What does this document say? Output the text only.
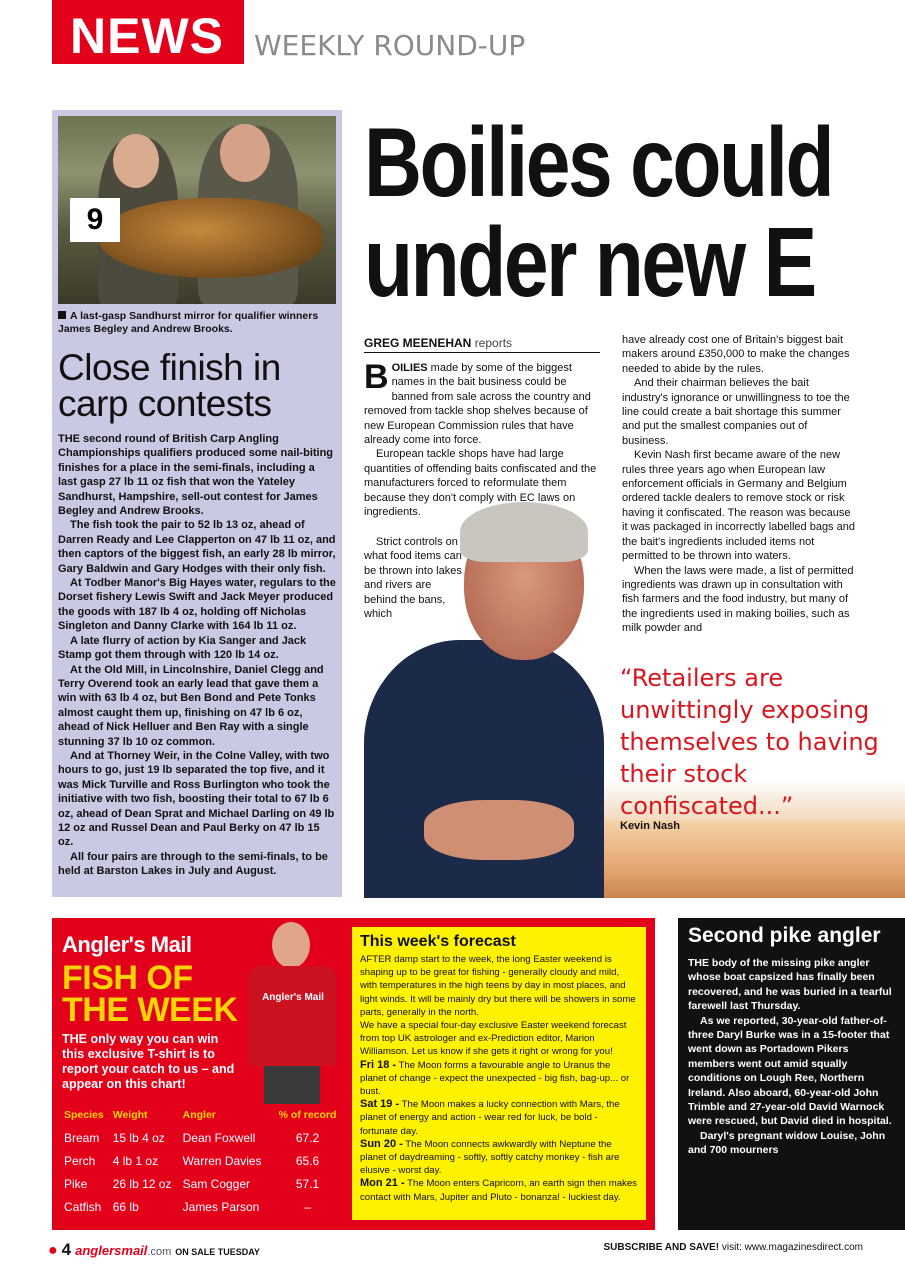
NEWS	WEEKLY ROUND-UP
9
A last-gasp Sandhurst mirror for qualifier winners James Begley and Andrew Brooks.
Close finish in carp contests

THE second round of British Carp Angling Championships qualifiers produced some nail-biting finishes for a place in the semi-finals, including a last gasp 27 lb 11 oz fish that won the Yateley Sandhurst, Hampshire, sell-out contest for James Begley and Andrew Brooks.

The fish took the pair to 52 lb 13 oz, ahead of Darren Ready and Lee Clapperton on 47 lb 11 oz, and then captors of the biggest fish, an early 28 lb mirror, Gary Baldwin and Gary Hodges with their only fish.

At Todber Manor's Big Hayes water, regulars to the Dorset fishery Lewis Swift and Jack Meyer produced the goods with 187 lb 4 oz, holding off Nicholas Singleton and Danny Clarke with 164 lb 11 oz.

A late flurry of action by Kia Sanger and Jack Stamp got them through with 120 lb 14 oz.

At the Old Mill, in Lincolnshire, Daniel Clegg and Terry Overend took an early lead that gave them a win with 63 lb 4 oz, but Ben Bond and Pete Tonks almost caught them up, finishing on 47 lb 6 oz, ahead of Nick Helluer and Ben Ray with a single stunning 37 lb 10 oz common.

And at Thorney Weir, in the Colne Valley, with two hours to go, just 19 lb separated the top five, and it was Mick Turville and Ross Burlington who took the initiative with two fish, boosting their total to 67 lb 6 oz, ahead of Dean Sprat and Michael Darling on 49 lb 12 oz and Russel Dean and Paul Berky on 47 lb 15 oz.

All four pairs are through to the semi-finals, to be held at Barston Lakes in July and August.

Boilies could
under new E
GREG MEENEHAN reports

BOILIES made by some of the biggest names in the bait business could be banned from sale across the country and removed from tackle shop shelves because of new European Commission rules that have already come into force.

European tackle shops have had large quantities of offending baits confiscated and the manufacturers forced to reformulate them because they don't comply with EC laws on ingredients.

Strict controls on what food items can be thrown into lakes and rivers are behind the bans, which

have already cost one of Britain's biggest bait makers around £350,000 to make the changes needed to abide by the rules.

And their chairman believes the bait industry's ignorance or unwillingness to toe the line could create a bait shortage this summer and put the smallest companies out of business.

Kevin Nash first became aware of the new rules three years ago when European law enforcement officials in Germany and Belgium ordered tackle dealers to remove stock or risk having it confiscated. The reason was because it was packaged in incorrectly labelled bags and the bait's ingredients included items not permitted to be thrown into waters.

When the laws were made, a list of permitted ingredients was drawn up in consultation with fish farmers and the food industry, but many of the ingredients used in making boilies, such as milk powder and

“Retailers are unwittingly exposing themselves to having their stock confiscated...”
Kevin Nash
Angler's Mail
FISH OF
THE WEEK
THE only way you can win this exclusive T-shirt is to report your catch to us – and appear on this chart!
Angler's Mail
Species	Weight	Angler	% of record
Bream	15 lb 4 oz	Dean Foxwell	67.2
Perch	4 lb 1 oz	Warren Davies	65.6
Pike	26 lb 12 oz	Sam Cogger	57.1
Catfish	66 lb	James Parson	–
This week's forecast
AFTER damp start to the week, the long Easter weekend is shaping up to be great for fishing - generally cloudy and mild, with temperatures in the high teens by day in most places, and light winds. It will be mainly dry but there will be showers in some parts, generally in the north.
We have a special four-day exclusive Easter weekend forecast from top UK astrologer and ex-Prediction editor, Marion Williamson. Let us know if she gets it right or wrong for you!
Fri 18 - The Moon forms a favourable angle to Uranus the planet of change - expect the unexpected - big fish, bag-up... or bust.
Sat 19 - The Moon makes a lucky connection with Mars, the planet of energy and action - wear red for luck, be bold - fortunate day.
Sun 20 - The Moon connects awkwardly with Neptune the planet of daydreaming - softly, softly catchy monkey - fish are elusive - worst day.
Mon 21 - The Moon enters Capricorn, an earth sign then makes contact with Mars, Jupiter and Pluto - bonanza! - luckiest day.
Second pike angler

THE body of the missing pike angler whose boat capsized has finally been recovered, and he was buried in a tearful farewell last Thursday.

As we reported, 30-year-old father-of-three Daryl Burke was in a 15-footer that went down as Portadown Pikers members went out amid squally conditions on Lough Ree, Northern Ireland. Also aboard, 60-year-old John Trimble and 27-year-old David Warnock were rescued, but David died in hospital.

Daryl's pregnant widow Louise, John and 700 mourners

● 4 anglersmail.com ON SALE TUESDAY	SUBSCRIBE AND SAVE! visit: www.magazinesdirect.com
